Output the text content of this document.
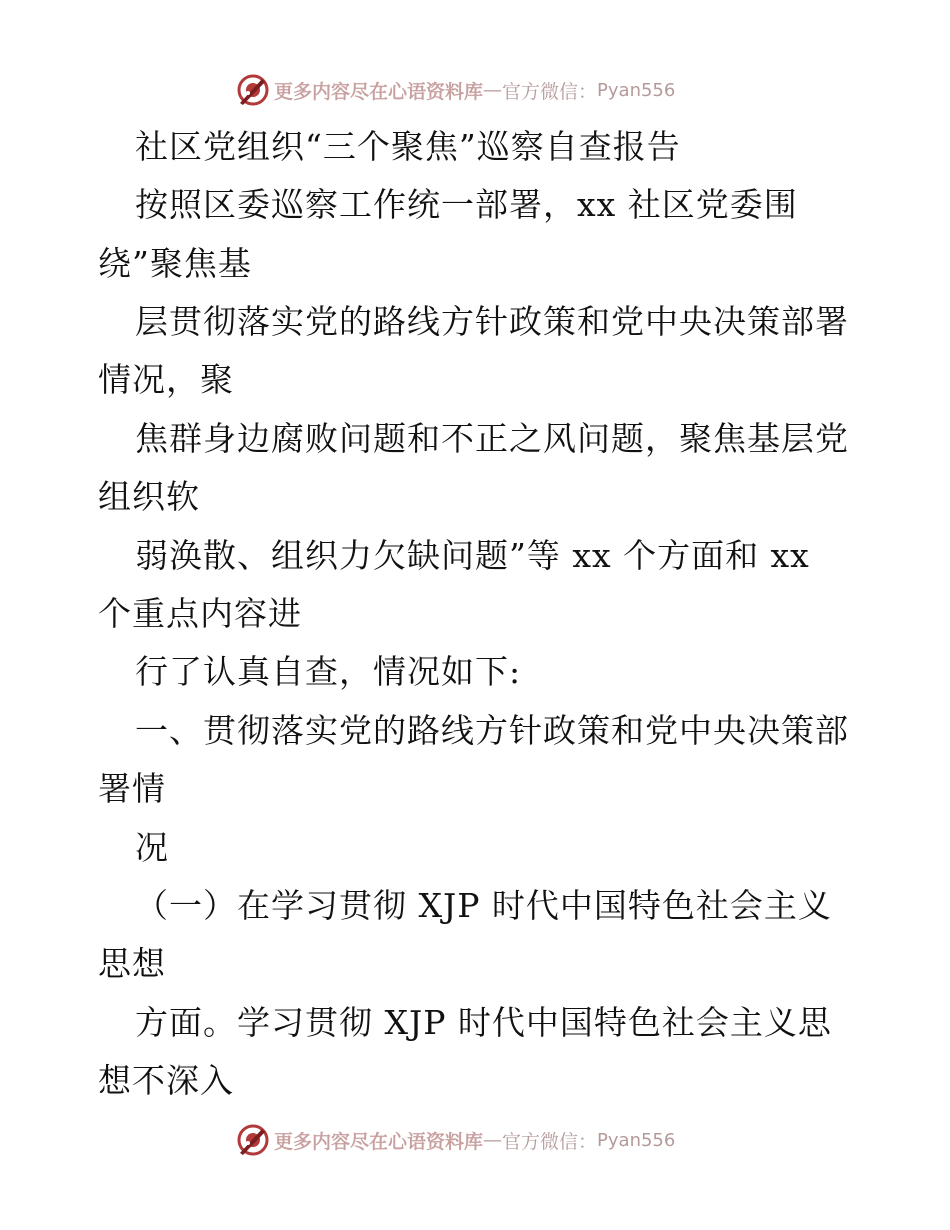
更多内容尽在心语资料库 — 官方微信： Pyan556
社区党组织“三个聚焦”巡察自查报告
按照区委巡察工作统一部署，xx 社区党委围
绕”聚焦基
层贯彻落实党的路线方针政策和党中央决策部署
情况，聚
焦群身边腐败问题和不正之风问题，聚焦基层党
组织软
弱涣散、组织力欠缺问题”等 xx 个方面和 xx
个重点内容进
行了认真自查，情况如下:
一、贯彻落实党的路线方针政策和党中央决策部
署情
况
（一）在学习贯彻 XJP 时代中国特色社会主义
思想
方面。学习贯彻 XJP 时代中国特色社会主义思
想不深入
更多内容尽在心语资料库 — 官方微信： Pyan556
